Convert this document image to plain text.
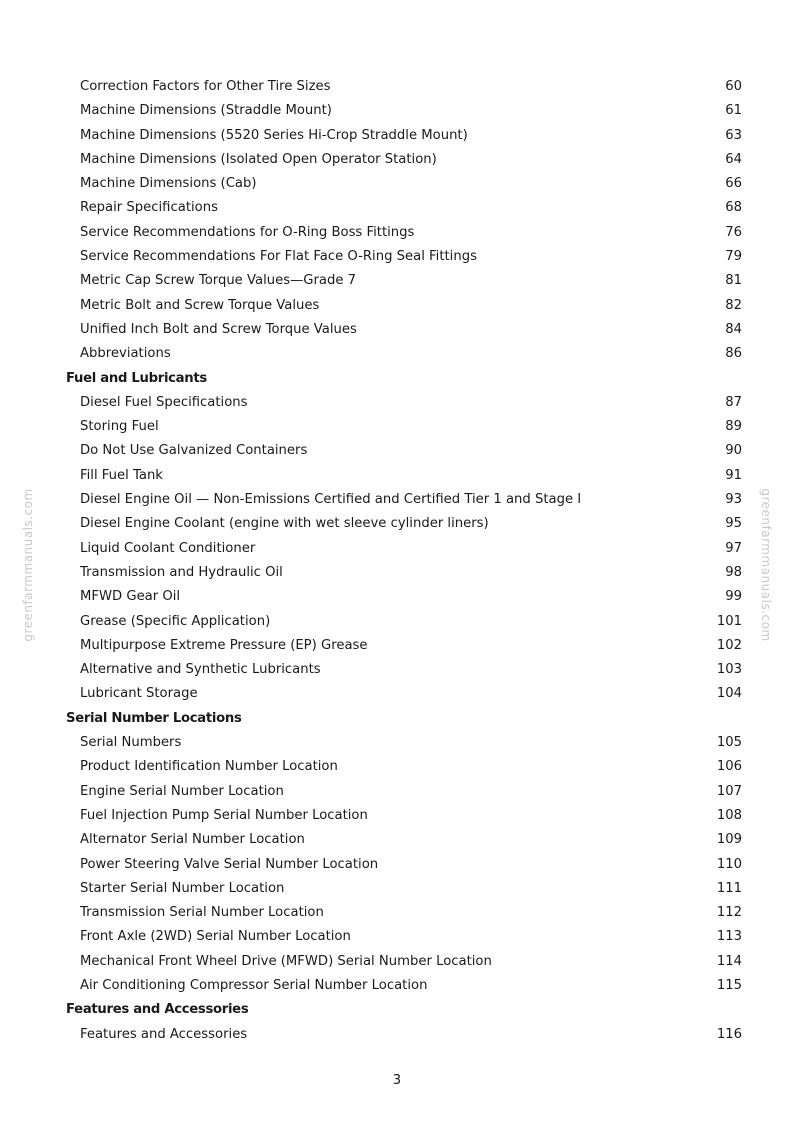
Correction Factors for Other Tire Sizes	60
Machine Dimensions (Straddle Mount)	61
Machine Dimensions (5520 Series Hi-Crop Straddle Mount)	63
Machine Dimensions (Isolated Open Operator Station)	64
Machine Dimensions (Cab)	66
Repair Specifications	68
Service Recommendations for O-Ring Boss Fittings	76
Service Recommendations For Flat Face O-Ring Seal Fittings	79
Metric Cap Screw Torque Values—Grade 7	81
Metric Bolt and Screw Torque Values	82
Unified Inch Bolt and Screw Torque Values	84
Abbreviations	86
Fuel and Lubricants
Diesel Fuel Specifications	87
Storing Fuel	89
Do Not Use Galvanized Containers	90
Fill Fuel Tank	91
Diesel Engine Oil — Non-Emissions Certified and Certified Tier 1 and Stage I	93
Diesel Engine Coolant (engine with wet sleeve cylinder liners)	95
Liquid Coolant Conditioner	97
Transmission and Hydraulic Oil	98
MFWD Gear Oil	99
Grease (Specific Application)	101
Multipurpose Extreme Pressure (EP) Grease	102
Alternative and Synthetic Lubricants	103
Lubricant Storage	104
Serial Number Locations
Serial Numbers	105
Product Identification Number Location	106
Engine Serial Number Location	107
Fuel Injection Pump Serial Number Location	108
Alternator Serial Number Location	109
Power Steering Valve Serial Number Location	110
Starter Serial Number Location	111
Transmission Serial Number Location	112
Front Axle (2WD) Serial Number Location	113
Mechanical Front Wheel Drive (MFWD) Serial Number Location	114
Air Conditioning Compressor Serial Number Location	115
Features and Accessories
Features and Accessories	116
greenfarmmanuals.com	greenfarmmanuals.com
3
